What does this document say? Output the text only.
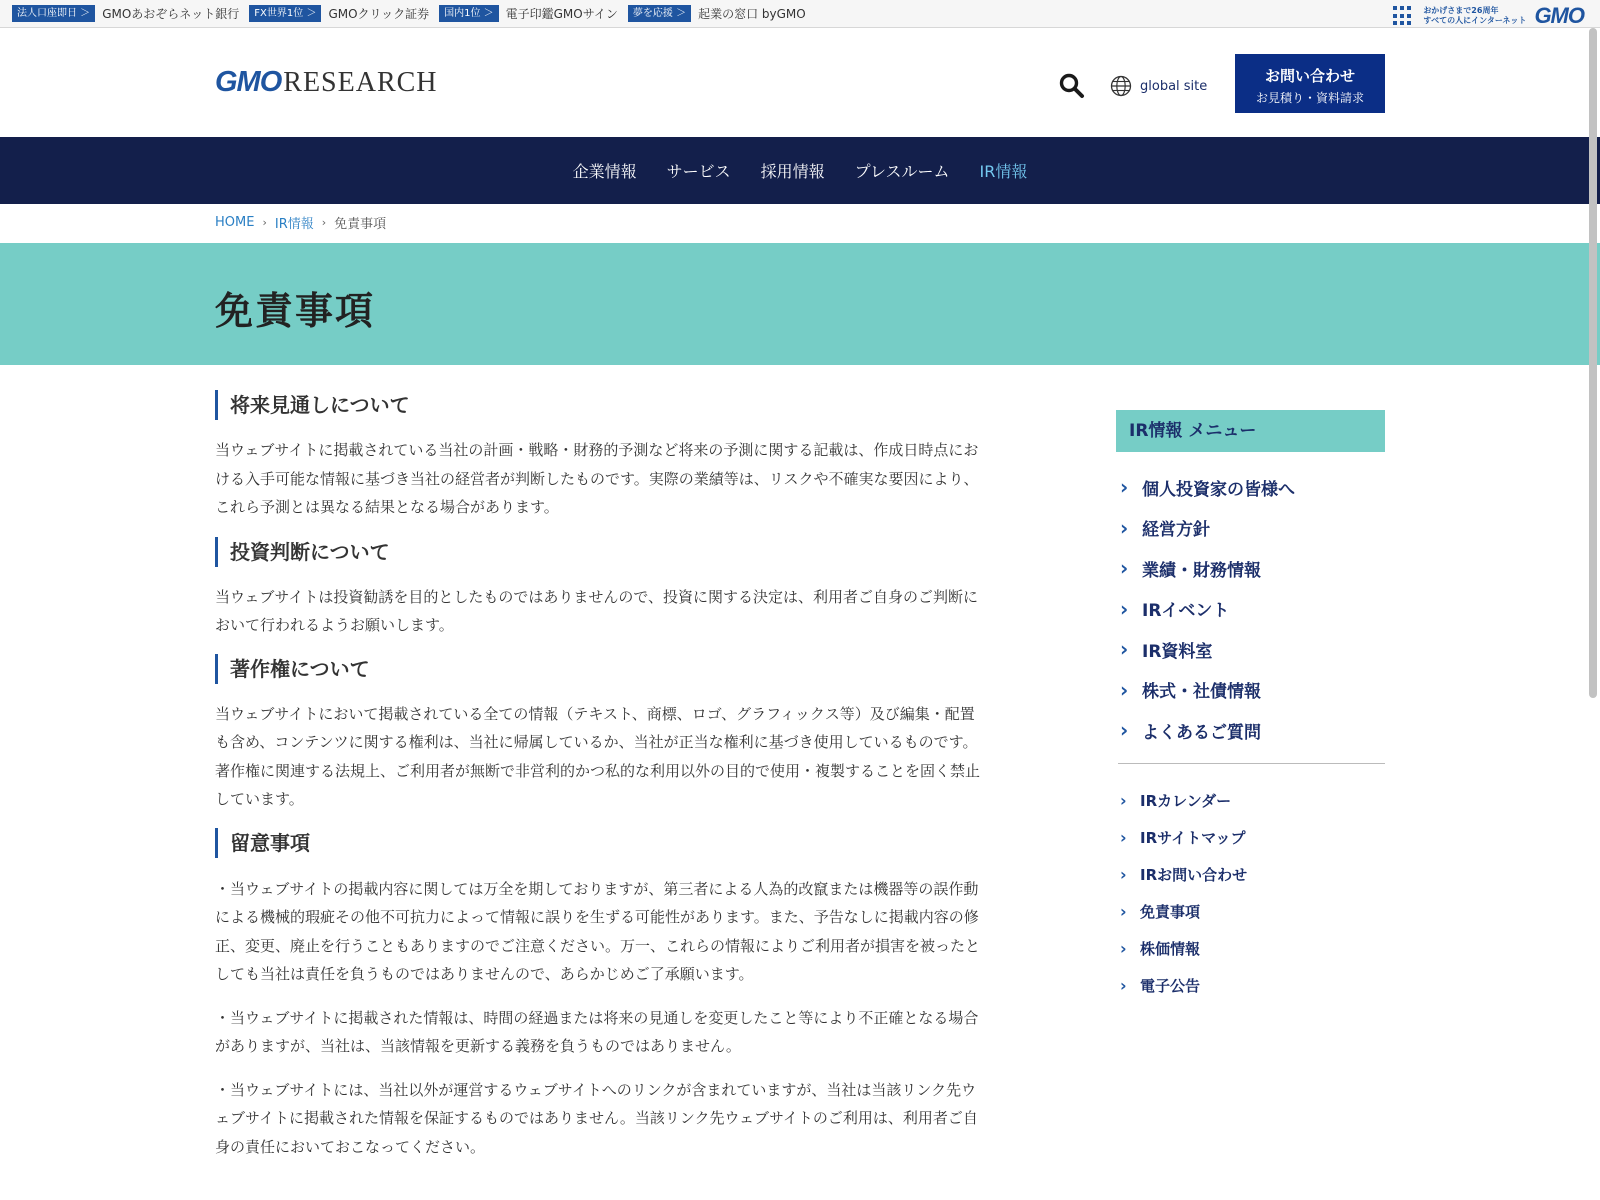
法人口座即日 ＞	GMOあおぞらネット銀行	FX世界1位 ＞	GMOクリック証券	国内1位 ＞	電子印鑑GMOサイン	夢を応援 ＞	起業の窓口 byGMO	おかげさまで26周年
すべての人にインターネット GMO
GMO RESEARCH	global site
お問い合わせ
お見積り・資料請求
企業情報 サービス 採用情報 プレスルーム IR情報
HOME › IR情報 › 免責事項
免責事項
将来見通しについて

当ウェブサイトに掲載されている当社の計画・戦略・財務的予測など将来の予測に関する記載は、作成日時点における入手可能な情報に基づき当社の経営者が判断したものです。実際の業績等は、リスクや不確実な要因により、これら予測とは異なる結果となる場合があります。

投資判断について

当ウェブサイトは投資勧誘を目的としたものではありませんので、投資に関する決定は、利用者ご自身のご判断において行われるようお願いします。

著作権について

当ウェブサイトにおいて掲載されている全ての情報（テキスト、商標、ロゴ、グラフィックス等）及び編集・配置も含め、コンテンツに関する権利は、当社に帰属しているか、当社が正当な権利に基づき使用しているものです。著作権に関連する法規上、ご利用者が無断で非営利的かつ私的な利用以外の目的で使用・複製することを固く禁止しています。

留意事項

・当ウェブサイトの掲載内容に関しては万全を期しておりますが、第三者による人為的改竄または機器等の誤作動による機械的瑕疵その他不可抗力によって情報に誤りを生ずる可能性があります。また、予告なしに掲載内容の修正、変更、廃止を行うこともありますのでご注意ください。万一、これらの情報によりご利用者が損害を被ったとしても当社は責任を負うものではありませんので、あらかじめご了承願います。

・当ウェブサイトに掲載された情報は、時間の経過または将来の見通しを変更したこと等により不正確となる場合がありますが、当社は、当該情報を更新する義務を負うものではありません。

・当ウェブサイトには、当社以外が運営するウェブサイトへのリンクが含まれていますが、当社は当該リンク先ウェブサイトに掲載された情報を保証するものではありません。当該リンク先ウェブサイトのご利用は、利用者ご自身の責任においておこなってください。

IR情報 メニュー
› 個人投資家の皆様へ
› 経営方針
› 業績・財務情報
› IRイベント
› IR資料室
› 株式・社債情報
› よくあるご質問
› IRカレンダー
› IRサイトマップ
› IRお問い合わせ
› 免責事項
› 株価情報
› 電子公告
